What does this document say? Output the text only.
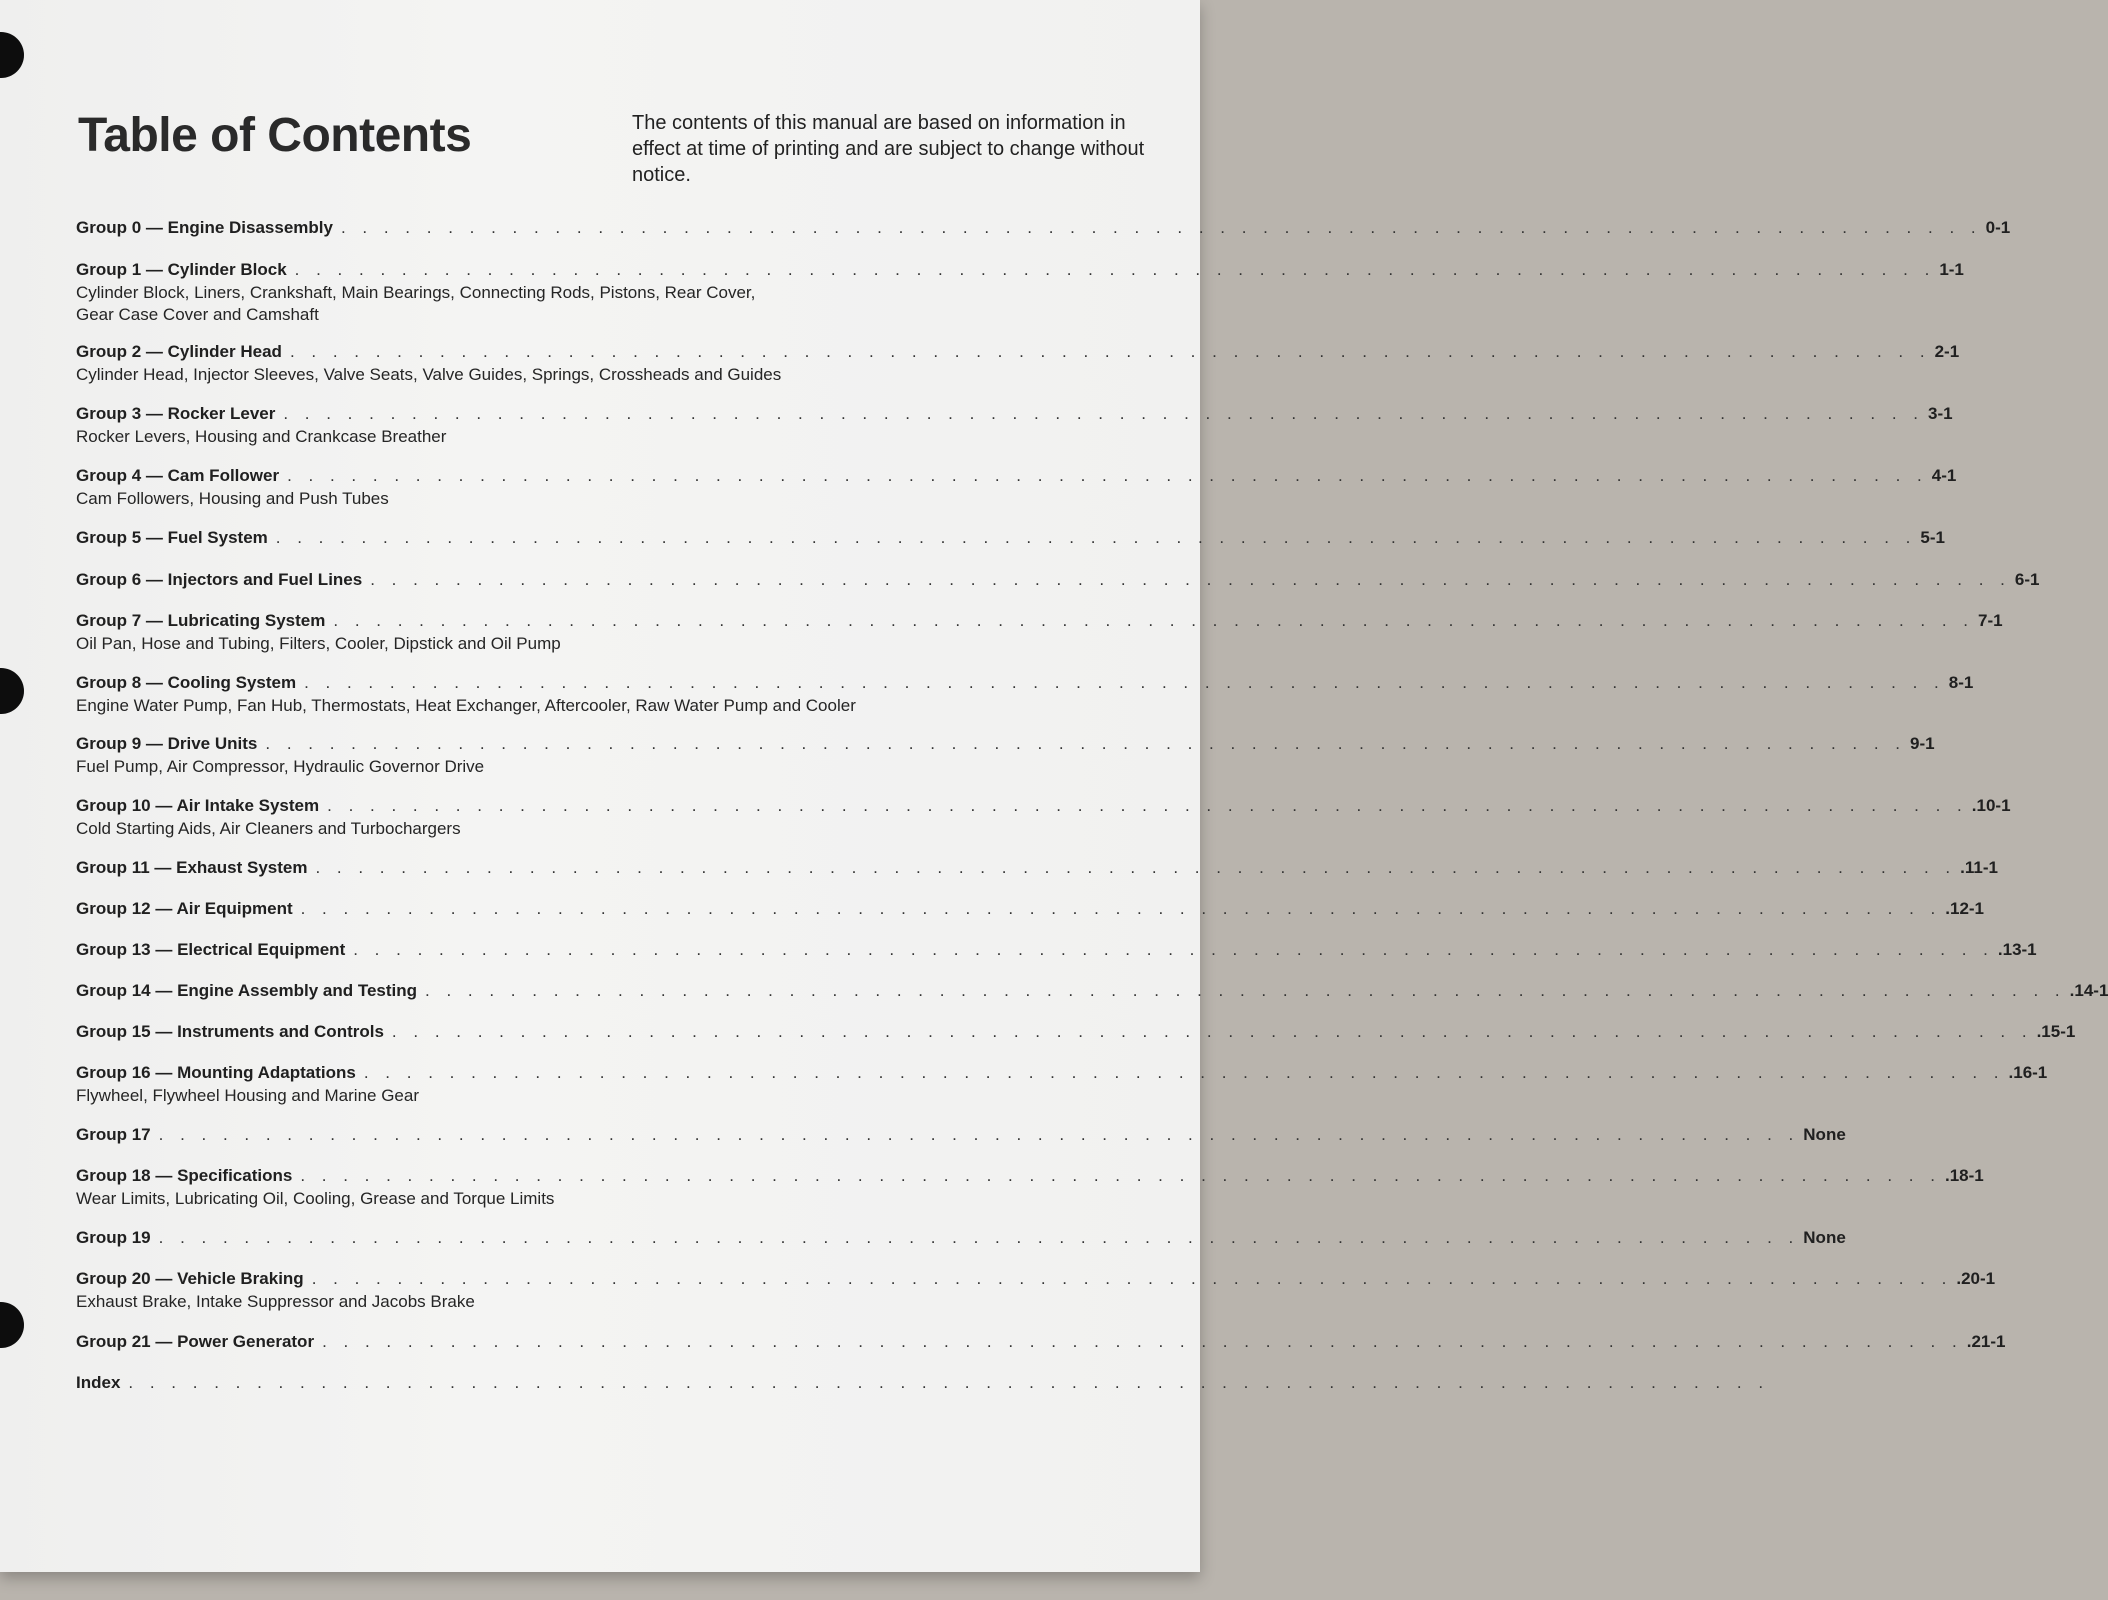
Table of Contents	The contents of this manual are based on information in effect at time of printing and are subject to change without notice.

Group 0 — Engine Disassembly . . . . . . . . . . . . . . . . . . . . . . . . . . . . . . . . . . . . . . . . . . . . . . . . . . . . . . . . . . . . . . . . . . . . . . . . . . . . . 0-1
Group 1 — Cylinder Block . . . . . . . . . . . . . . . . . . . . . . . . . . . . . . . . . . . . . . . . . . . . . . . . . . . . . . . . . . . . . . . . . . . . . . . . . . . . . 1-1
Cylinder Block, Liners, Crankshaft, Main Bearings, Connecting Rods, Pistons, Rear Cover,
Gear Case Cover and Camshaft
Group 2 — Cylinder Head . . . . . . . . . . . . . . . . . . . . . . . . . . . . . . . . . . . . . . . . . . . . . . . . . . . . . . . . . . . . . . . . . . . . . . . . . . . . . 2-1
Cylinder Head, Injector Sleeves, Valve Seats, Valve Guides, Springs, Crossheads and Guides
Group 3 — Rocker Lever . . . . . . . . . . . . . . . . . . . . . . . . . . . . . . . . . . . . . . . . . . . . . . . . . . . . . . . . . . . . . . . . . . . . . . . . . . . . . 3-1
Rocker Levers, Housing and Crankcase Breather
Group 4 — Cam Follower . . . . . . . . . . . . . . . . . . . . . . . . . . . . . . . . . . . . . . . . . . . . . . . . . . . . . . . . . . . . . . . . . . . . . . . . . . . . . 4-1
Cam Followers, Housing and Push Tubes
Group 5 — Fuel System . . . . . . . . . . . . . . . . . . . . . . . . . . . . . . . . . . . . . . . . . . . . . . . . . . . . . . . . . . . . . . . . . . . . . . . . . . . . . 5-1
Group 6 — Injectors and Fuel Lines . . . . . . . . . . . . . . . . . . . . . . . . . . . . . . . . . . . . . . . . . . . . . . . . . . . . . . . . . . . . . . . . . . . . . . . . . . . . . 6-1
Group 7 — Lubricating System . . . . . . . . . . . . . . . . . . . . . . . . . . . . . . . . . . . . . . . . . . . . . . . . . . . . . . . . . . . . . . . . . . . . . . . . . . . . . 7-1
Oil Pan, Hose and Tubing, Filters, Cooler, Dipstick and Oil Pump
Group 8 — Cooling System . . . . . . . . . . . . . . . . . . . . . . . . . . . . . . . . . . . . . . . . . . . . . . . . . . . . . . . . . . . . . . . . . . . . . . . . . . . . . 8-1
Engine Water Pump, Fan Hub, Thermostats, Heat Exchanger, Aftercooler, Raw Water Pump and Cooler
Group 9 — Drive Units . . . . . . . . . . . . . . . . . . . . . . . . . . . . . . . . . . . . . . . . . . . . . . . . . . . . . . . . . . . . . . . . . . . . . . . . . . . . . 9-1
Fuel Pump, Air Compressor, Hydraulic Governor Drive
Group 10 — Air Intake System . . . . . . . . . . . . . . . . . . . . . . . . . . . . . . . . . . . . . . . . . . . . . . . . . . . . . . . . . . . . . . . . . . . . . . . . . . . . . .10-1
Cold Starting Aids, Air Cleaners and Turbochargers
Group 11 — Exhaust System . . . . . . . . . . . . . . . . . . . . . . . . . . . . . . . . . . . . . . . . . . . . . . . . . . . . . . . . . . . . . . . . . . . . . . . . . . . . . .11-1
Group 12 — Air Equipment . . . . . . . . . . . . . . . . . . . . . . . . . . . . . . . . . . . . . . . . . . . . . . . . . . . . . . . . . . . . . . . . . . . . . . . . . . . . . .12-1
Group 13 — Electrical Equipment . . . . . . . . . . . . . . . . . . . . . . . . . . . . . . . . . . . . . . . . . . . . . . . . . . . . . . . . . . . . . . . . . . . . . . . . . . . . . .13-1
Group 14 — Engine Assembly and Testing . . . . . . . . . . . . . . . . . . . . . . . . . . . . . . . . . . . . . . . . . . . . . . . . . . . . . . . . . . . . . . . . . . . . . . . . . . . . . .14-1
Group 15 — Instruments and Controls . . . . . . . . . . . . . . . . . . . . . . . . . . . . . . . . . . . . . . . . . . . . . . . . . . . . . . . . . . . . . . . . . . . . . . . . . . . . . .15-1
Group 16 — Mounting Adaptations . . . . . . . . . . . . . . . . . . . . . . . . . . . . . . . . . . . . . . . . . . . . . . . . . . . . . . . . . . . . . . . . . . . . . . . . . . . . . .16-1
Flywheel, Flywheel Housing and Marine Gear
Group 17 . . . . . . . . . . . . . . . . . . . . . . . . . . . . . . . . . . . . . . . . . . . . . . . . . . . . . . . . . . . . . . . . . . . . . . . . . . . . . None
Group 18 — Specifications . . . . . . . . . . . . . . . . . . . . . . . . . . . . . . . . . . . . . . . . . . . . . . . . . . . . . . . . . . . . . . . . . . . . . . . . . . . . . .18-1
Wear Limits, Lubricating Oil, Cooling, Grease and Torque Limits
Group 19 . . . . . . . . . . . . . . . . . . . . . . . . . . . . . . . . . . . . . . . . . . . . . . . . . . . . . . . . . . . . . . . . . . . . . . . . . . . . . None
Group 20 — Vehicle Braking . . . . . . . . . . . . . . . . . . . . . . . . . . . . . . . . . . . . . . . . . . . . . . . . . . . . . . . . . . . . . . . . . . . . . . . . . . . . . .20-1
Exhaust Brake, Intake Suppressor and Jacobs Brake
Group 21 — Power Generator . . . . . . . . . . . . . . . . . . . . . . . . . . . . . . . . . . . . . . . . . . . . . . . . . . . . . . . . . . . . . . . . . . . . . . . . . . . . . .21-1
Index . . . . . . . . . . . . . . . . . . . . . . . . . . . . . . . . . . . . . . . . . . . . . . . . . . . . . . . . . . . . . . . . . . . . . . . . . . . . .
